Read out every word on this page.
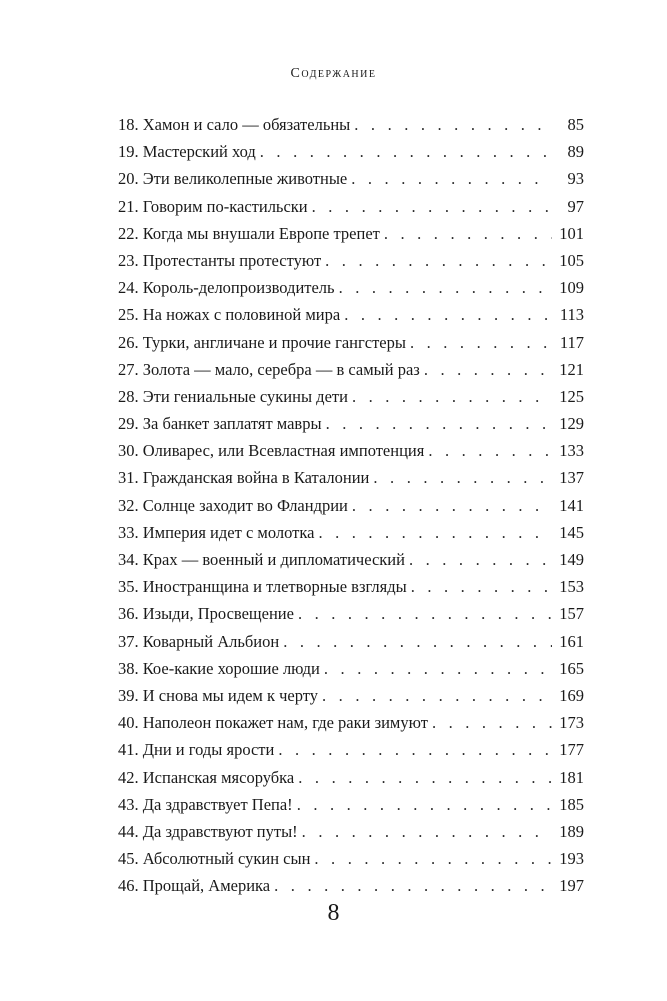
Содержание
18. Хамон и сало — обязательны . . .	85
19. Мастерский ход . . .	89
20. Эти великолепные животные . . .	93
21. Говорим по-кастильски . . .	97
22. Когда мы внушали Европе трепет . . .	101
23. Протестанты протестуют . . .	105
24. Король-делопроизводитель . . .	109
25. На ножах с половиной мира . . .	113
26. Турки, англичане и прочие гангстеры . . .	117
27. Золота — мало, серебра — в самый раз . . .	121
28. Эти гениальные сукины дети . . .	125
29. За банкет заплатят мавры . . .	129
30. Оливарес, или Всевластная импотенция . . .	133
31. Гражданская война в Каталонии . . .	137
32. Солнце заходит во Фландрии . . .	141
33. Империя идет с молотка . . .	145
34. Крах — военный и дипломатический . . .	149
35. Иностранщина и тлетворные взгляды . . .	153
36. Изыди, Просвещение . . .	157
37. Коварный Альбион . . .	161
38. Кое-какие хорошие люди . . .	165
39. И снова мы идем к черту . . .	169
40. Наполеон покажет нам, где раки зимуют . . .	173
41. Дни и годы ярости . . .	177
42. Испанская мясорубка . . .	181
43. Да здравствует Пепа! . . .	185
44. Да здравствуют путы! . . .	189
45. Абсолютный сукин сын . . .	193
46. Прощай, Америка . . .	197
8
